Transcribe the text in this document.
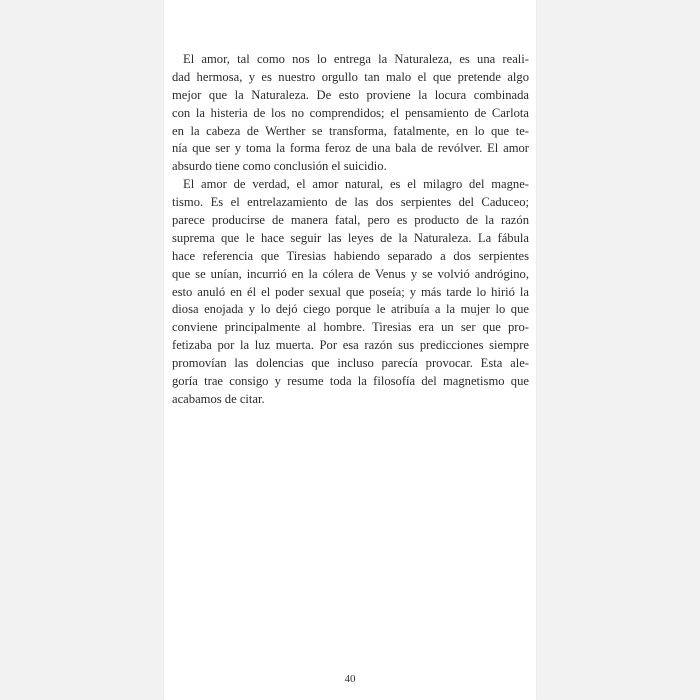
El amor, tal como nos lo entrega la Naturaleza, es una reali-
dad hermosa, y es nuestro orgullo tan malo el que pretende algo
mejor que la Naturaleza. De esto proviene la locura combinada
con la histeria de los no comprendidos; el pensamiento de Carlota
en la cabeza de Werther se transforma, fatalmente, en lo que te-
nía que ser y toma la forma feroz de una bala de revólver. El amor
absurdo tiene como conclusión el suicidio.
El amor de verdad, el amor natural, es el milagro del magne-
tismo. Es el entrelazamiento de las dos serpientes del Caduceo;
parece producirse de manera fatal, pero es producto de la razón
suprema que le hace seguir las leyes de la Naturaleza. La fábula
hace referencia que Tiresias habiendo separado a dos serpientes
que se unían, incurrió en la cólera de Venus y se volvió andrógino,
esto anuló en él el poder sexual que poseía; y más tarde lo hirió la
diosa enojada y lo dejó ciego porque le atribuía a la mujer lo que
conviene principalmente al hombre. Tiresias era un ser que pro-
fetizaba por la luz muerta. Por esa razón sus predicciones siempre
promovían las dolencias que incluso parecía provocar. Esta ale-
goría trae consigo y resume toda la filosofía del magnetismo que
acabamos de citar.
40
